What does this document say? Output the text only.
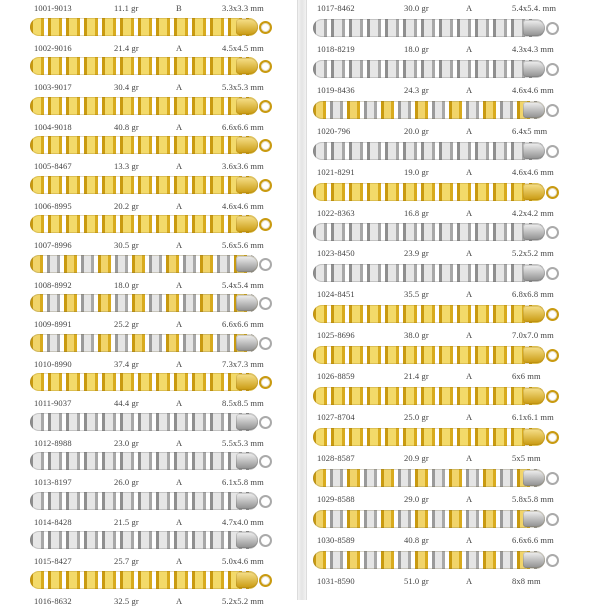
1001-9013	11.1 gr	B	3.3x3.3 mm
1002-9016	21.4 gr	A	4.5x4.5 mm
1003-9017	30.4 gr	A	5.3x5.3 mm
1004-9018	40.8 gr	A	6.6x6.6 mm
1005-8467	13.3 gr	A	3.6x3.6 mm
1006-8995	20.2 gr	A	4.6x4.6 mm
1007-8996	30.5 gr	A	5.6x5.6 mm
1008-8992	18.0 gr	A	5.4x5.4 mm
1009-8991	25.2 gr	A	6.6x6.6 mm
1010-8990	37.4 gr	A	7.3x7.3 mm
1011-9037	44.4 gr	A	8.5x8.5 mm
1012-8988	23.0 gr	A	5.5x5.3 mm
1013-8197	26.0 gr	A	6.1x5.8 mm
1014-8428	21.5 gr	A	4.7x4.0 mm
1015-8427	25.7 gr	A	5.0x4.6 mm
1016-8632	32.5 gr	A	5.2x5.2 mm
1017-8462	30.0 gr	A	5.4x5.4. mm
1018-8219	18.0 gr	A	4.3x4.3 mm
1019-8436	24.3 gr	A	4.6x4.6 mm
1020-796	20.0 gr	A	6.4x5 mm
1021-8291	19.0 gr	A	4.6x4.6 mm
1022-8363	16.8 gr	A	4.2x4.2 mm
1023-8450	23.9 gr	A	5.2x5.2 mm
1024-8451	35.5 gr	A	6.8x6.8 mm
1025-8696	38.0 gr	A	7.0x7.0 mm
1026-8859	21.4 gr	A	6x6 mm
1027-8704	25.0 gr	A	6.1x6.1 mm
1028-8587	20.9 gr	A	5x5 mm
1029-8588	29.0 gr	A	5.8x5.8 mm
1030-8589	40.8 gr	A	6.6x6.6 mm
1031-8590	51.0 gr	A	8x8 mm
